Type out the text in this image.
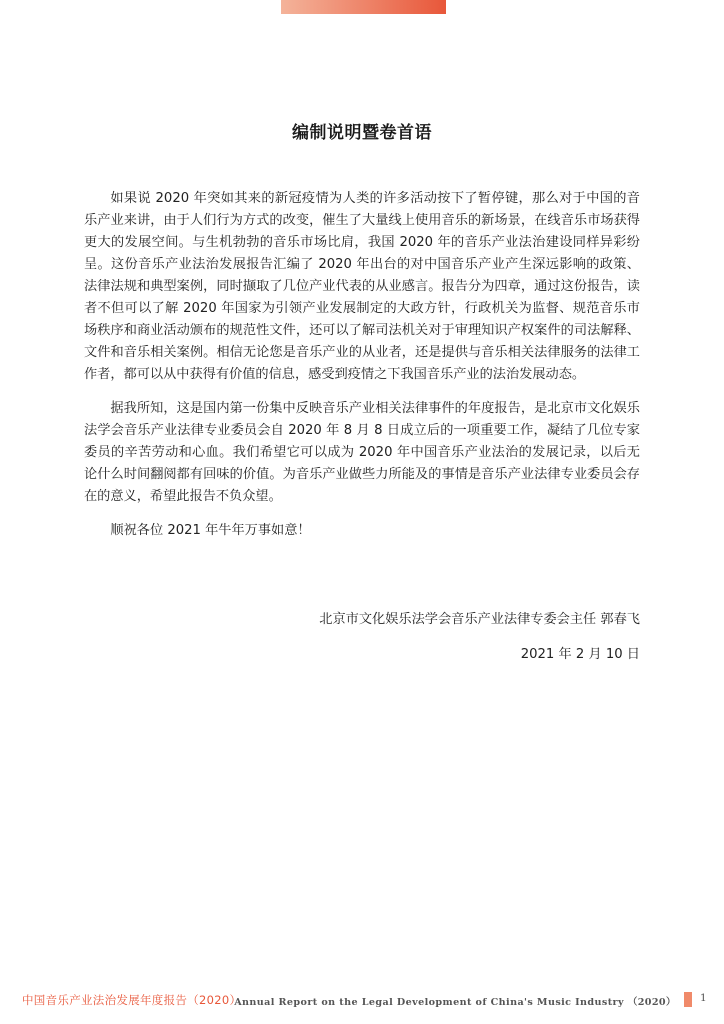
编制说明暨卷首语

如果说 2020 年突如其来的新冠疫情为人类的许多活动按下了暂停键，那么对于中国的音乐产业来讲，由于人们行为方式的改变，催生了大量线上使用音乐的新场景，在线音乐市场获得更大的发展空间。与生机勃勃的音乐市场比肩，我国 2020 年的音乐产业法治建设同样异彩纷呈。这份音乐产业法治发展报告汇编了 2020 年出台的对中国音乐产业产生深远影响的政策、法律法规和典型案例，同时撷取了几位产业代表的从业感言。报告分为四章，通过这份报告，读者不但可以了解 2020 年国家为引领产业发展制定的大政方针，行政机关为监督、规范音乐市场秩序和商业活动颁布的规范性文件，还可以了解司法机关对于审理知识产权案件的司法解释、文件和音乐相关案例。相信无论您是音乐产业的从业者，还是提供与音乐相关法律服务的法律工作者，都可以从中获得有价值的信息，感受到疫情之下我国音乐产业的法治发展动态。

据我所知，这是国内第一份集中反映音乐产业相关法律事件的年度报告，是北京市文化娱乐法学会音乐产业法律专业委员会自 2020 年 8 月 8 日成立后的一项重要工作，凝结了几位专家委员的辛苦劳动和心血。我们希望它可以成为 2020 年中国音乐产业法治的发展记录，以后无论什么时间翻阅都有回味的价值。为音乐产业做些力所能及的事情是音乐产业法律专业委员会存在的意义，希望此报告不负众望。

顺祝各位 2021 年牛年万事如意！

北京市文化娱乐法学会音乐产业法律专委会主任 郭春飞
2021 年 2 月 10 日
中国音乐产业法治发展年度报告（2020）
Annual Report on the Legal Development of China's Music Industry （2020） 1
